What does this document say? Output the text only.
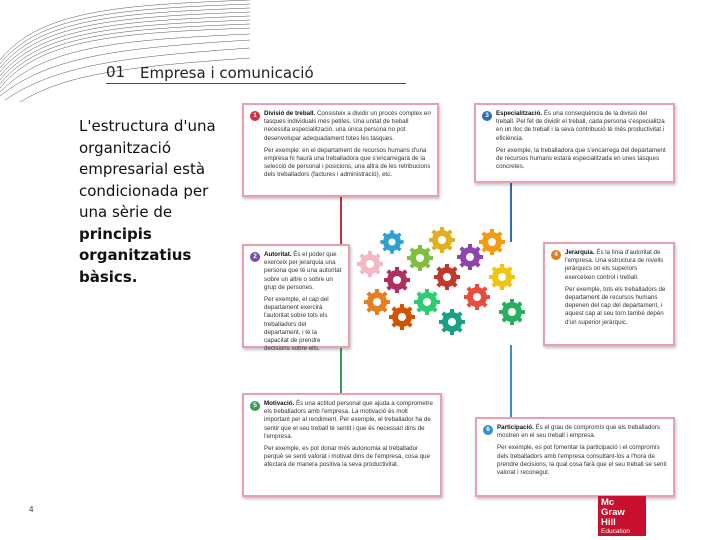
01 Empresa i comunicació
L'estructura d'una organització empresarial està condicionada per una sèrie de principis organitzatius bàsics.
1	Divisió de treball. Consisteix a dividir un procés complex en tasques individuals més petites. Una unitat de treball necessita especialització, una única persona no pot desenvolupar adequadament totes les tasques.

Per exemple: en el departament de recursos humans d'una empresa hi haurà una treballadora que s'encarregarà de la selecció de personal i posicions, una altra de les retribucions dels treballadors (factures i administració), etc.

2	Autoritat. És el poder que exerceix per jerarquia una persona que té una autoritat sobre un altre o sobre un grup de persones.

Per exemple, el cap del departament exercirà l'autoritat sobre tots els treballadors del departament, i té la capacitat de prendre decisions sobre ells.

3	Especialització. És una conseqüència de la divisió del treball. Pel fet de dividir el treball, cada persona s'especialitza en un lloc de treball i la seva contribució té més productivitat i eficiència.

Per exemple, la treballadora que s'encarrega del departament de recursos humans estarà especialitzada en unes tasques concretes.

4	Jerarquia. És la línia d'autoritat de l'empresa. Una estructura de nivells jeràrquics on els superiors exerceixen control i treball.

Per exemple, tots els treballadors de departament de recursos humans depenen del cap del departament, i aquest cap al seu torn també depèn d'un superior jeràrquic.

5	Motivació. És una actitud personal que ajuda a comprometre els treballadors amb l'empresa. La motivació és molt important per al rendiment. Per exemple, el treballador ha de sentir que el seu treball té sentit i que és necessari dins de l'empresa.

Per exemple, es pot donar més autonomia al treballador perquè se senti valorat i motivat dins de l'empresa, cosa que afectarà de manera positiva la seva productivitat.

6	Participació. És el grau de compromís que els treballadors mostren en el seu treball i empresa.

Per exemple, es pot fomentar la participació i el compromís dels treballadors amb l'empresa consultant-los a l'hora de prendre decisions, la qual cosa farà que el seu treball se senti valorat i reconegut.

4
Mc
Graw
Hill
Education
